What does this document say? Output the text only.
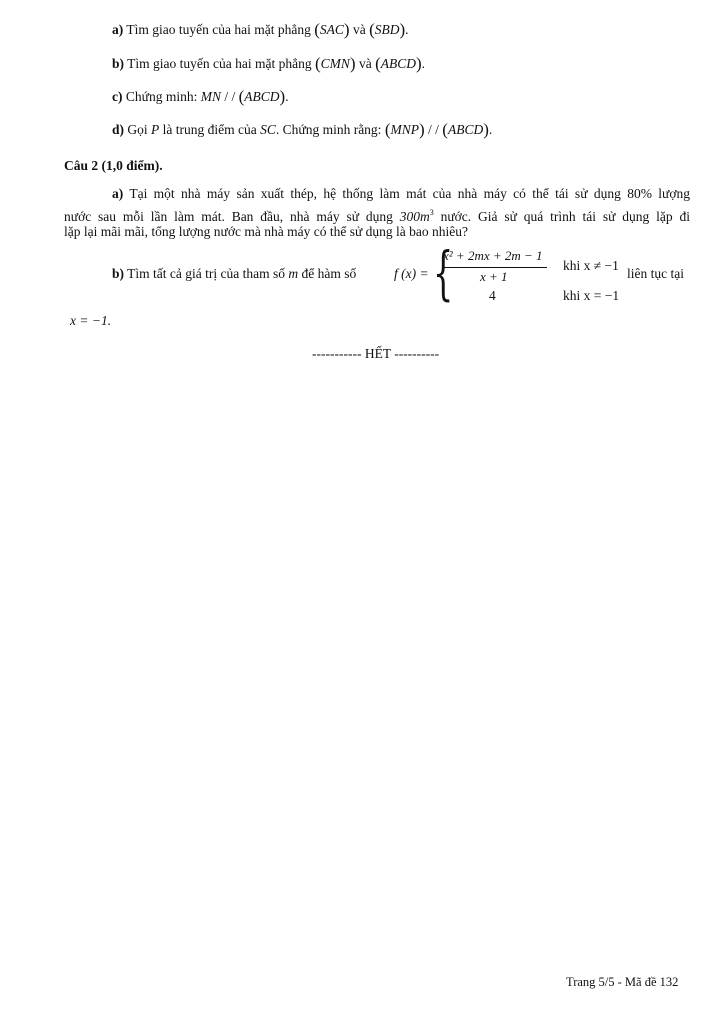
a) Tìm giao tuyến của hai mặt phẳng (SAC) và (SBD).
b) Tìm giao tuyến của hai mặt phẳng (CMN) và (ABCD).
c) Chứng minh: MN / / (ABCD).
d) Gọi P là trung điểm của SC. Chứng minh rằng: (MNP) / / (ABCD).
Câu 2 (1,0 điểm).
a) Tại một nhà máy sản xuất thép, hệ thống làm mát của nhà máy có thể tái sử dụng 80% lượng
nước sau mỗi lần làm mát. Ban đầu, nhà máy sử dụng $300m^3$ nước. Giả sử quá trình tái sử dụng lặp đi
lặp lại mãi mãi, tổng lượng nước mà nhà máy có thể sử dụng là bao nhiêu?
b) Tìm tất cả giá trị của tham số m để hàm số	f (x) = {
x² + 2mx + 2m − 1
x + 1
khi x ≠ −1
4	khi x = −1
liên tục tại
x = −1.
----------- HẾT ----------
Trang 5/5 - Mã đề 132
